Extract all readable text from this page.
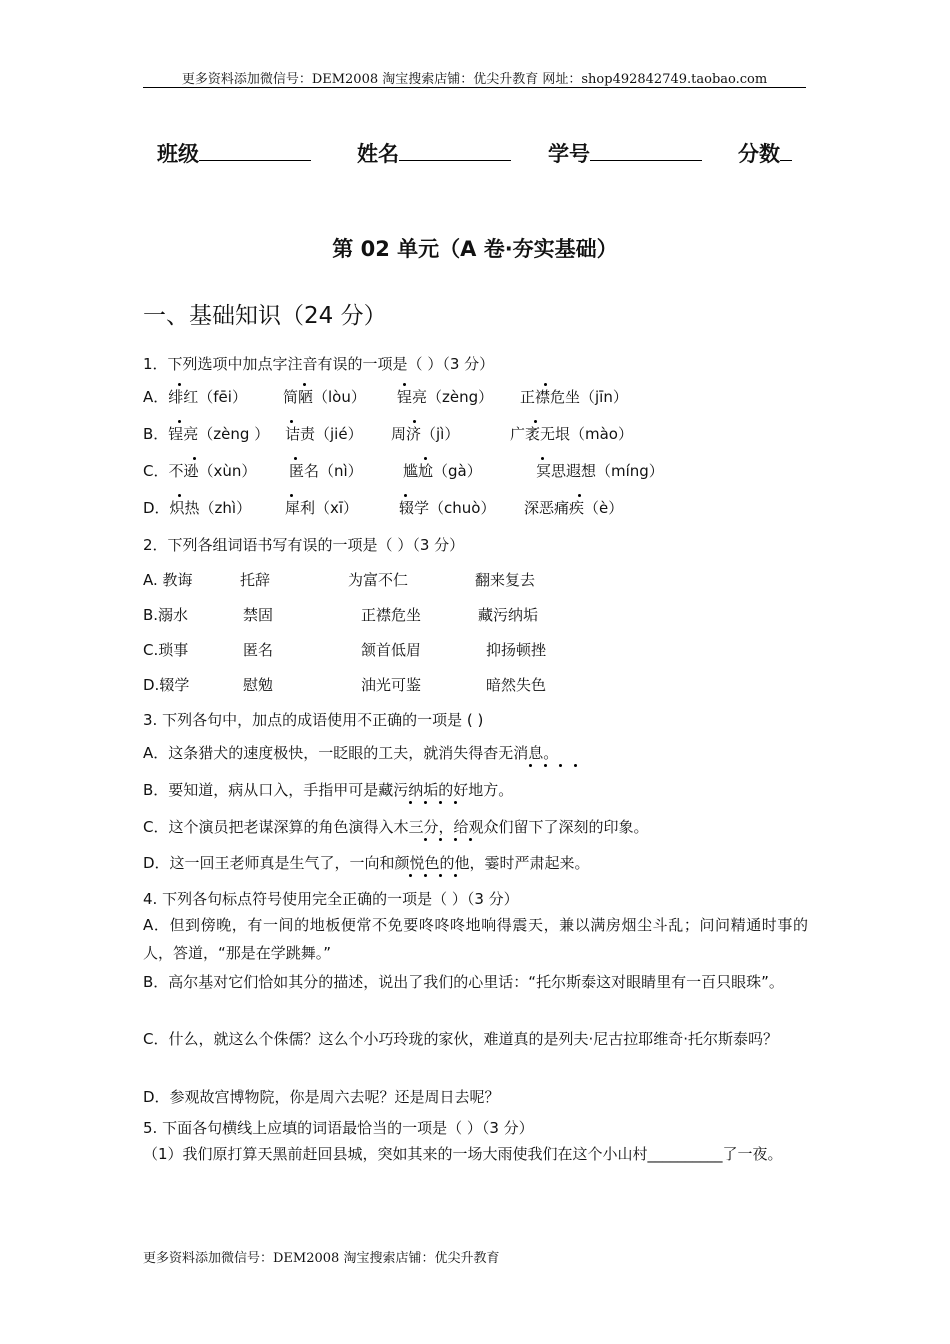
更多资料添加微信号：DEM2008 淘宝搜索店铺：优尖升教育 网址：shop492842749.taobao.com
班级	姓名	学号	分数
第 02 单元（A 卷·夯实基础）
一、基础知识（24 分）
1．下列选项中加点字注音有误的一项是（ ）（3 分）
A．绯红（fēi） 简陋（lòu） 锃亮（zèng） 正襟危坐（jīn）
B．锃亮（zèng ） 诘责（jié） 周济（jì）	广袤无垠（mào）
C．不逊（xùn） 匿名（nì）	尴尬（gà）	冥思遐想（míng）
D．炽热（zhì） 犀利（xī）	辍学（chuò） 深恶痛疾（è）
2．下列各组词语书写有误的一项是（ ）（3 分）
A. 教诲	托辞	为富不仁	翻来复去
B.溺水	禁固	正襟危坐	藏污纳垢
C.琐事	匿名	颔首低眉	抑扬顿挫
D.辍学	慰勉	油光可鉴	暗然失色
3. 下列各句中，加点的成语使用不正确的一项是 ( )
A．这条猎犬的速度极快，一眨眼的工夫，就消失得杳无消息。
B．要知道，病从口入，手指甲可是藏污纳垢的好地方。
C．这个演员把老谋深算的角色演得入木三分，给观众们留下了深刻的印象。
D．这一回王老师真是生气了，一向和颜悦色的他，霎时严肃起来。
4. 下列各句标点符号使用完全正确的一项是（ ）（3 分）
A．但到傍晚，有一间的地板便常不免要咚咚咚地响得震天，兼以满房烟尘斗乱；问问精通时事的人，答道，“那是在学跳舞。”
B．高尔基对它们恰如其分的描述，说出了我们的心里话：“托尔斯泰这对眼睛里有一百只眼珠”。
C．什么，就这么个侏儒？这么个小巧玲珑的家伙，难道真的是列夫·尼古拉耶维奇·托尔斯泰吗？
D．参观故宫博物院，你是周六去呢？还是周日去呢？
5. 下面各句横线上应填的词语最恰当的一项是（ ）（3 分）
（1）我们原打算天黑前赶回县城，突如其来的一场大雨使我们在这个小山村__________了一夜。
更多资料添加微信号：DEM2008 淘宝搜索店铺：优尖升教育
